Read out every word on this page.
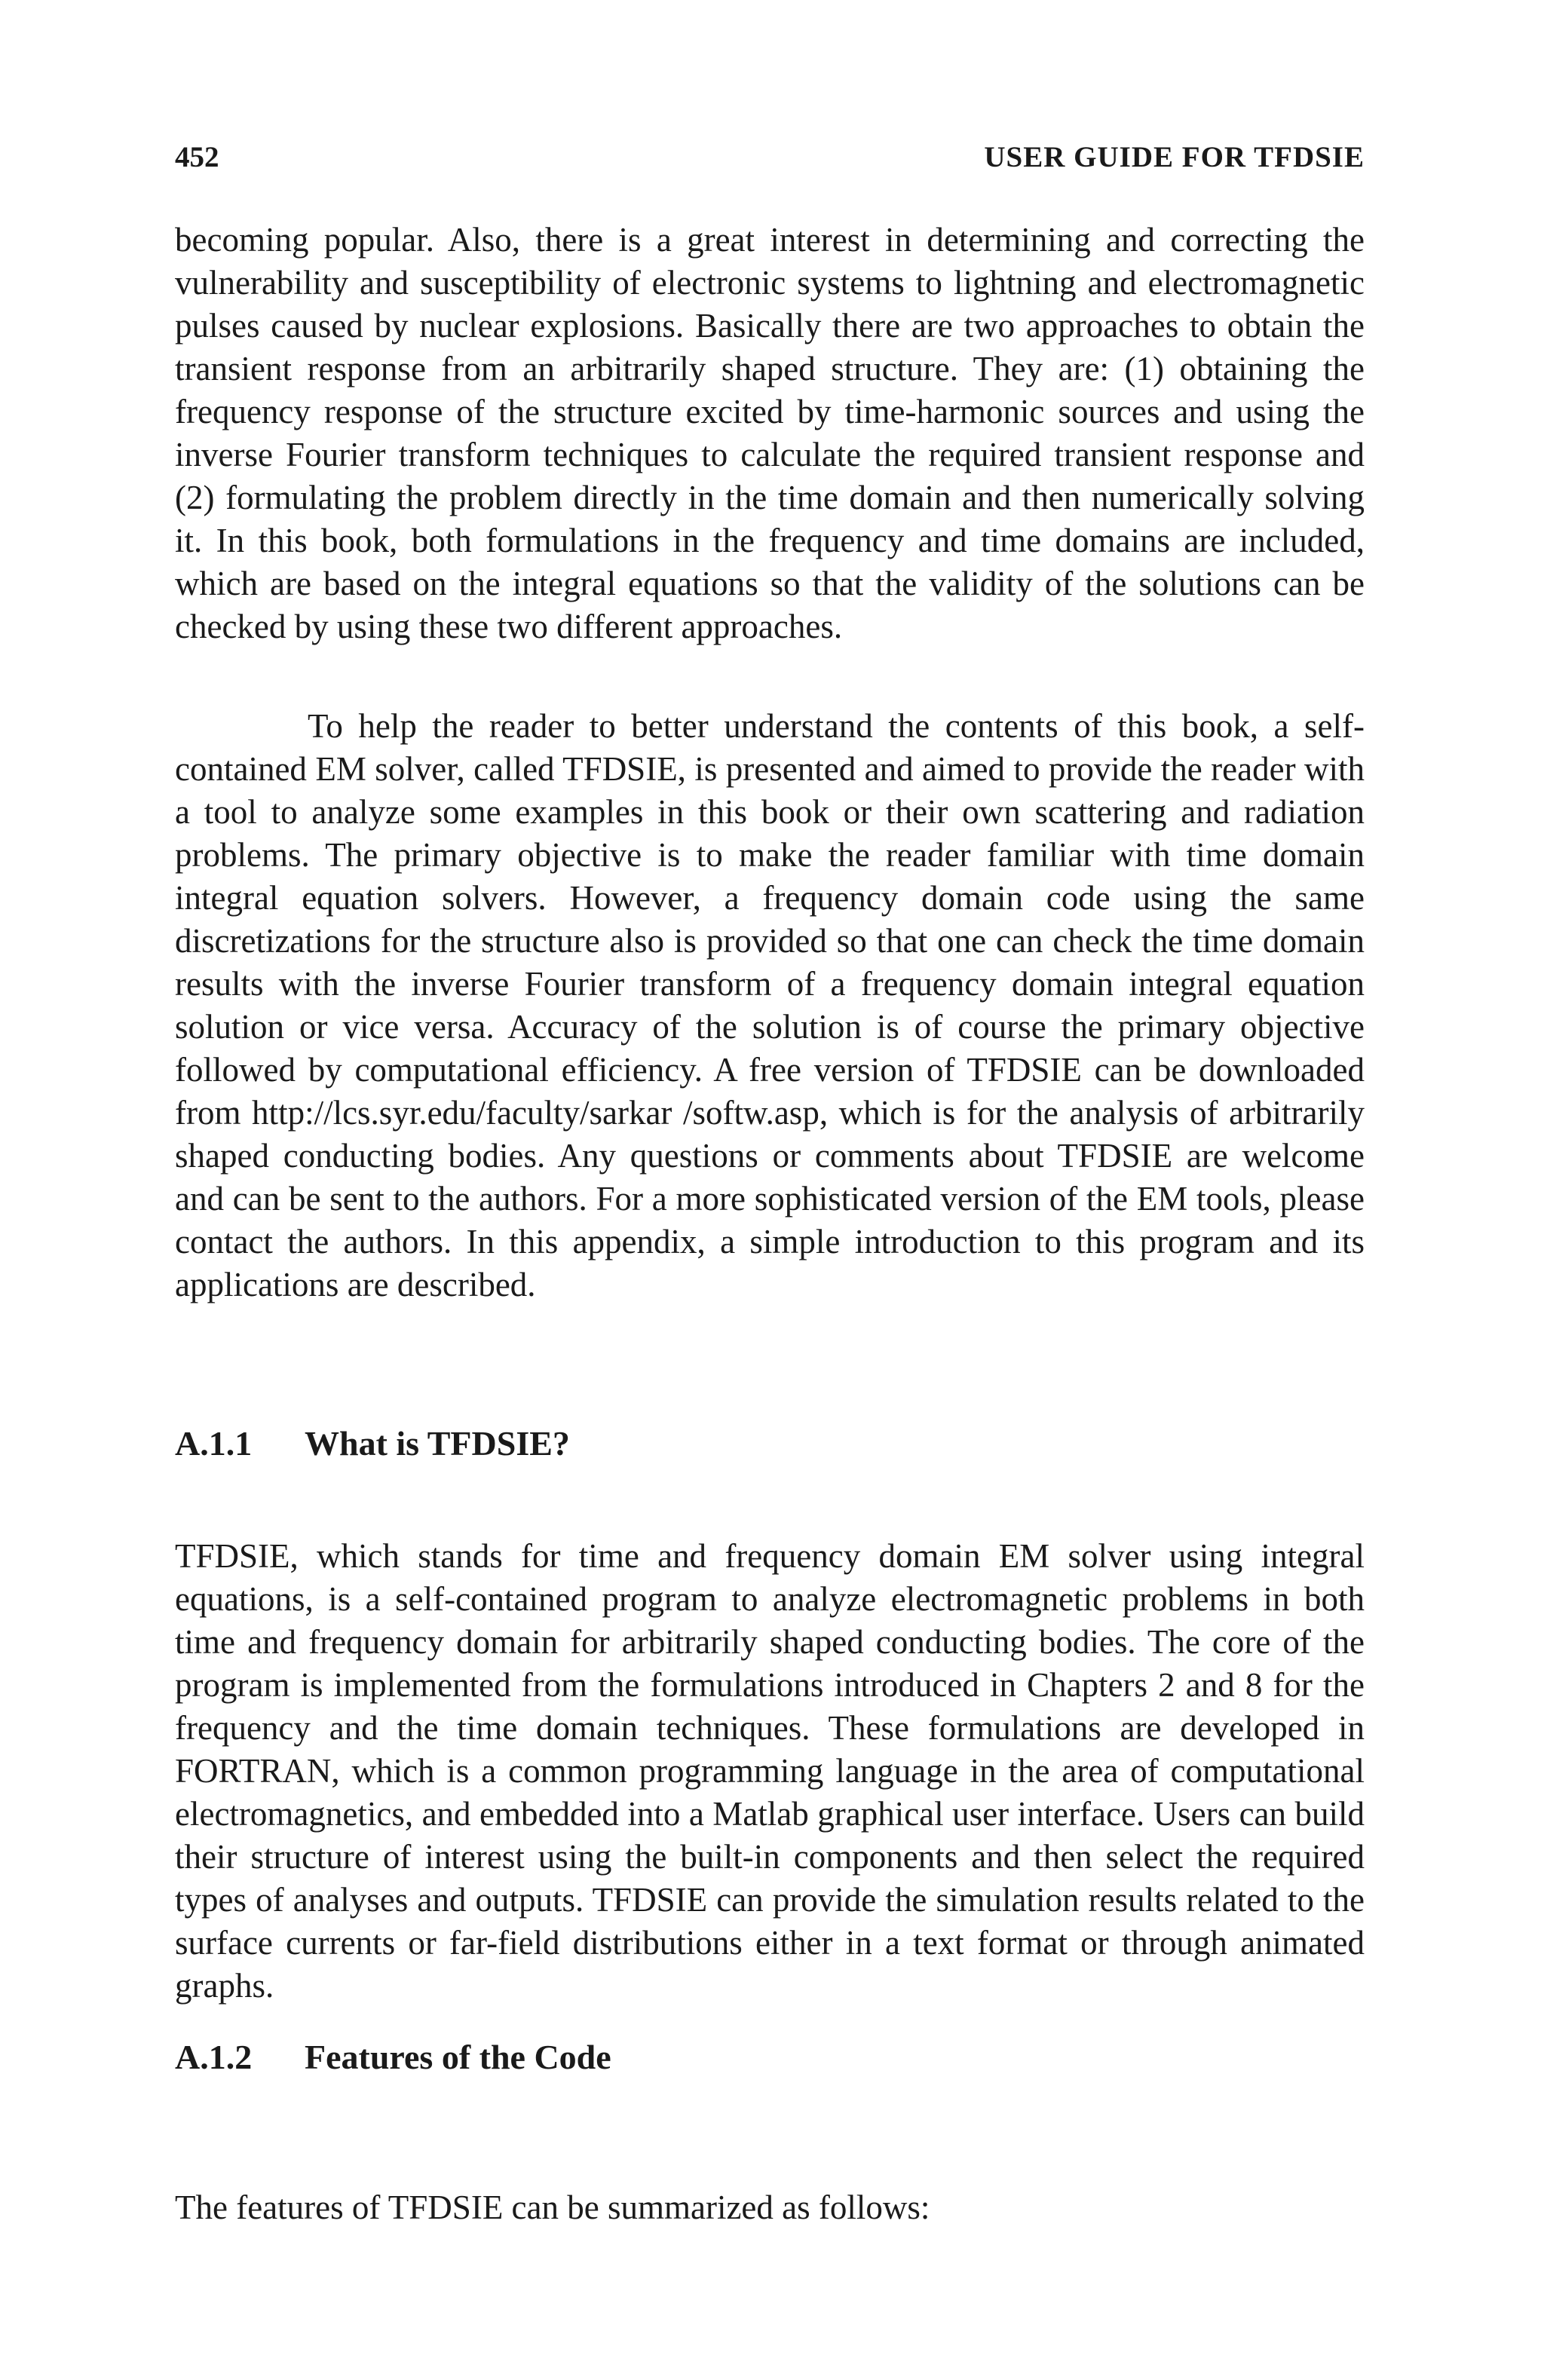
452	USER GUIDE FOR TFDSIE

becoming popular. Also, there is a great interest in determining and correcting the vulnerability and susceptibility of electronic systems to lightning and electromagnetic pulses caused by nuclear explosions. Basically there are two approaches to obtain the transient response from an arbitrarily shaped structure. They are: (1) obtaining the frequency response of the structure excited by time-harmonic sources and using the inverse Fourier transform techniques to calculate the required transient response and (2) formulating the problem directly in the time domain and then numerically solving it. In this book, both formulations in the frequency and time domains are included, which are based on the integral equations so that the validity of the solutions can be checked by using these two different approaches.

To help the reader to better understand the contents of this book, a self-contained EM solver, called TFDSIE, is presented and aimed to provide the reader with a tool to analyze some examples in this book or their own scattering and radiation problems. The primary objective is to make the reader familiar with time domain integral equation solvers. However, a frequency domain code using the same discretizations for the structure also is provided so that one can check the time domain results with the inverse Fourier transform of a frequency domain integral equation solution or vice versa. Accuracy of the solution is of course the primary objective followed by computational efficiency. A free version of TFDSIE can be downloaded from http://lcs.syr.edu/faculty/sarkar /softw.asp, which is for the analysis of arbitrarily shaped conducting bodies. Any questions or comments about TFDSIE are welcome and can be sent to the authors. For a more sophisticated version of the EM tools, please contact the authors. In this appendix, a simple introduction to this program and its applications are described.

A.1.1 What is TFDSIE?

TFDSIE, which stands for time and frequency domain EM solver using integral equations, is a self-contained program to analyze electromagnetic problems in both time and frequency domain for arbitrarily shaped conducting bodies. The core of the program is implemented from the formulations introduced in Chapters 2 and 8 for the frequency and the time domain techniques. These formulations are developed in FORTRAN, which is a common programming language in the area of computational electromagnetics, and embedded into a Matlab graphical user interface. Users can build their structure of interest using the built-in components and then select the required types of analyses and outputs. TFDSIE can provide the simulation results related to the surface currents or far-field distributions either in a text format or through animated graphs.

A.1.2 Features of the Code

The features of TFDSIE can be summarized as follows:
